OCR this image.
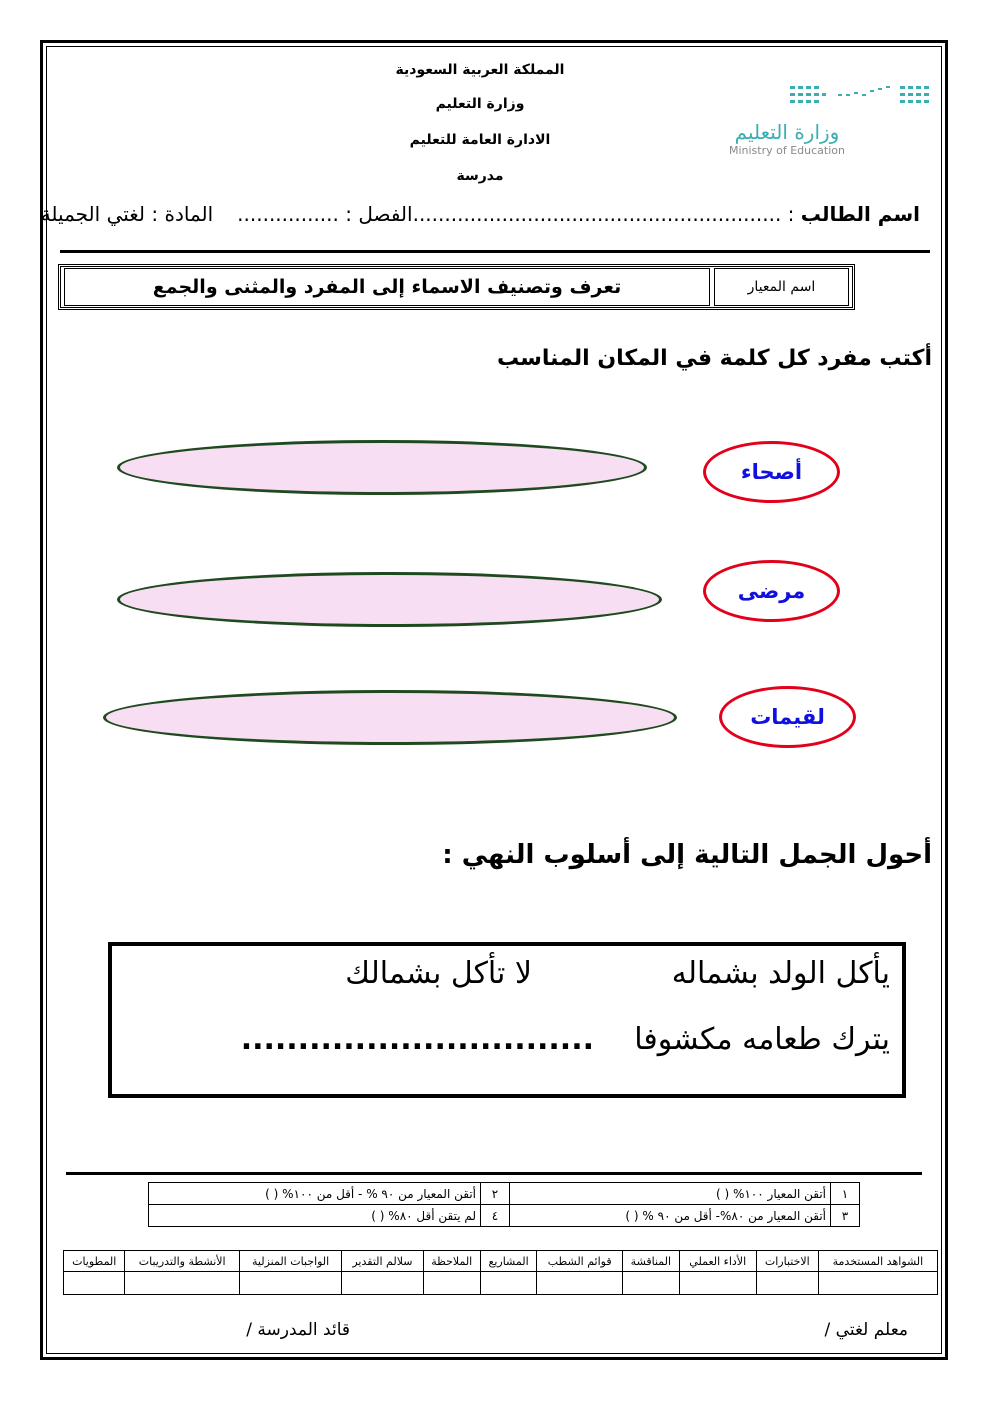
المملكة العربية السعودية
وزارة التعليم
الادارة العامة للتعليم
مدرسة
وزارة التعليم
Ministry of Education
اسم الطالب : ..........................................................الفصل : ................المادة : لغتي الجميلة
اسم المعيار
تعرف وتصنيف الاسماء إلى المفرد والمثنى والجمع
أكتب مفرد كل كلمة في المكان المناسب
أصحاء
مرضى
لقيمات
أحول الجمل التالية إلى أسلوب النهي :
يأكل الولد بشماله
لا تأكل بشمالك
يترك طعامه مكشوفا
...............................
١	أتقن المعيار ١٠٠% ( )	٢	أتقن المعيار من ٩٠ % - أقل من ١٠٠% ( )
٣	أتقن المعيار من ٨٠%- أقل من ٩٠ % ( )	٤	لم يتقن أقل ٨٠% ( )
الشواهد المستخدمة	الاختبارات	الأداء العملي	المناقشة	قوائم الشطب	المشاريع	الملاحظة	سلالم التقدير	الواجبات المنزلية	الأنشطة والتدريبات	المطويات

معلم لغتي /
قائد المدرسة /
